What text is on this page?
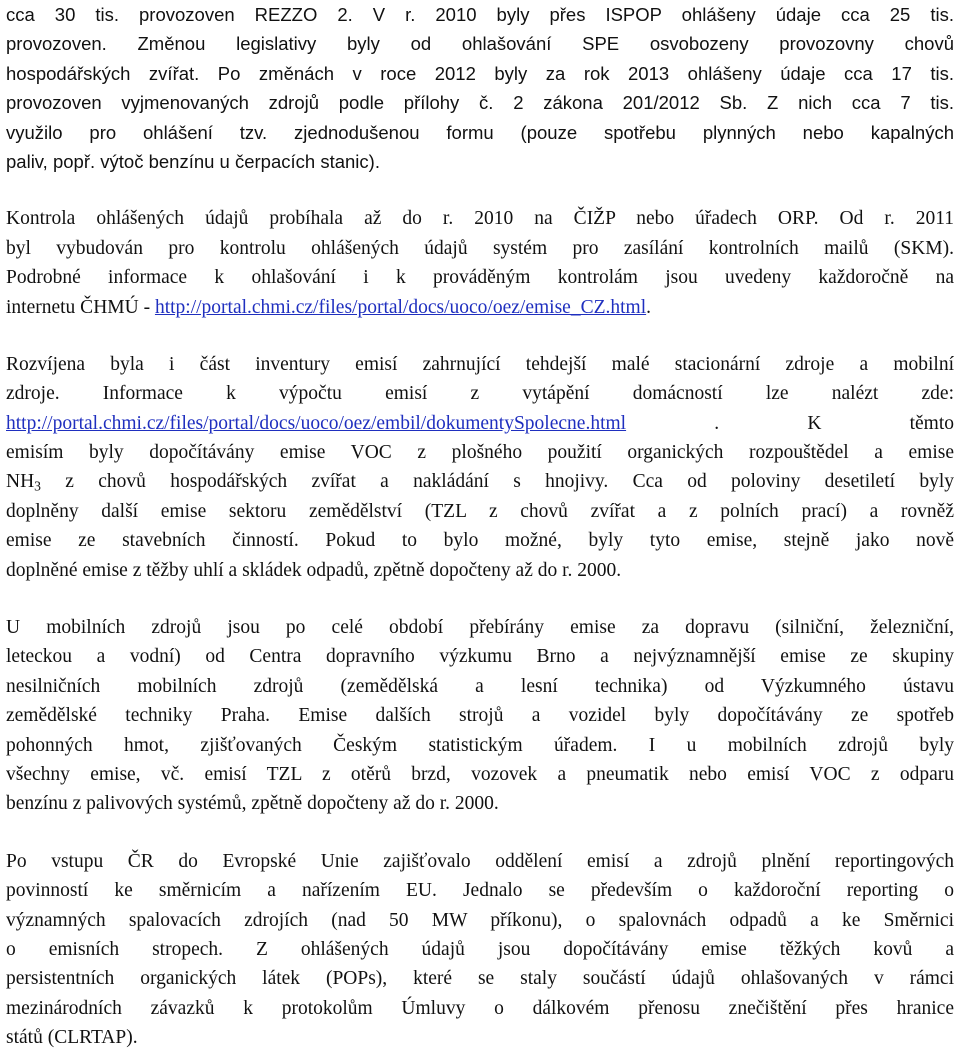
cca 30 tis. provozoven REZZO 2. V r. 2010 byly přes ISPOP ohlášeny údaje cca 25 tis.
provozoven. Změnou legislativy byly od ohlašování SPE osvobozeny provozovny chovů
hospodářských zvířat. Po změnách v roce 2012 byly za rok 2013 ohlášeny údaje cca 17 tis.
provozoven vyjmenovaných zdrojů podle přílohy č. 2 zákona 201/2012 Sb. Z nich cca 7 tis.
využilo pro ohlášení tzv. zjednodušenou formu (pouze spotřebu plynných nebo kapalných
paliv, popř. výtoč benzínu u čerpacích stanic).
Kontrola ohlášených údajů probíhala až do r. 2010 na ČIŽP nebo úřadech ORP. Od r. 2011
byl vybudován pro kontrolu ohlášených údajů systém pro zasílání kontrolních mailů (SKM).
Podrobné informace k ohlašování i k prováděným kontrolám jsou uvedeny každoročně na
internetu ČHMÚ - http://portal.chmi.cz/files/portal/docs/uoco/oez/emise_CZ.html.
Rozvíjena byla i část inventury emisí zahrnující tehdejší malé stacionární zdroje a mobilní
zdroje. Informace k výpočtu emisí z vytápění domácností lze nalézt zde:
http://portal.chmi.cz/files/portal/docs/uoco/oez/embil/dokumentySpolecne.html	. K těmto
emisím byly dopočítávány emise VOC z plošného použití organických rozpouštědel a emise
$NH_3$ z chovů hospodářských zvířat a nakládání s hnojivy. Cca od poloviny desetiletí byly
doplněny další emise sektoru zemědělství (TZL z chovů zvířat a z polních prací) a rovněž
emise ze stavebních činností. Pokud to bylo možné, byly tyto emise, stejně jako nově
doplněné emise z těžby uhlí a skládek odpadů, zpětně dopočteny až do r. 2000.
U mobilních zdrojů jsou po celé období přebírány emise za dopravu (silniční, železniční,
leteckou a vodní) od Centra dopravního výzkumu Brno a nejvýznamnější emise ze skupiny
nesilničních mobilních zdrojů (zemědělská a lesní technika) od Výzkumného ústavu
zemědělské techniky Praha. Emise dalších strojů a vozidel byly dopočítávány ze spotřeb
pohonných hmot, zjišťovaných Českým statistickým úřadem. I u mobilních zdrojů byly
všechny emise, vč. emisí TZL z otěrů brzd, vozovek a pneumatik nebo emisí VOC z odparu
benzínu z palivových systémů, zpětně dopočteny až do r. 2000.
Po vstupu ČR do Evropské Unie zajišťovalo oddělení emisí a zdrojů plnění reportingových
povinností ke směrnicím a nařízením EU. Jednalo se především o každoroční reporting o
významných spalovacích zdrojích (nad 50 MW příkonu), o spalovnách odpadů a ke Směrnici
o emisních stropech. Z ohlášených údajů jsou dopočítávány emise těžkých kovů a
persistentních organických látek (POPs), které se staly součástí údajů ohlašovaných v rámci
mezinárodních závazků k protokolům Úmluvy o dálkovém přenosu znečištění přes hranice
států (CLRTAP).
